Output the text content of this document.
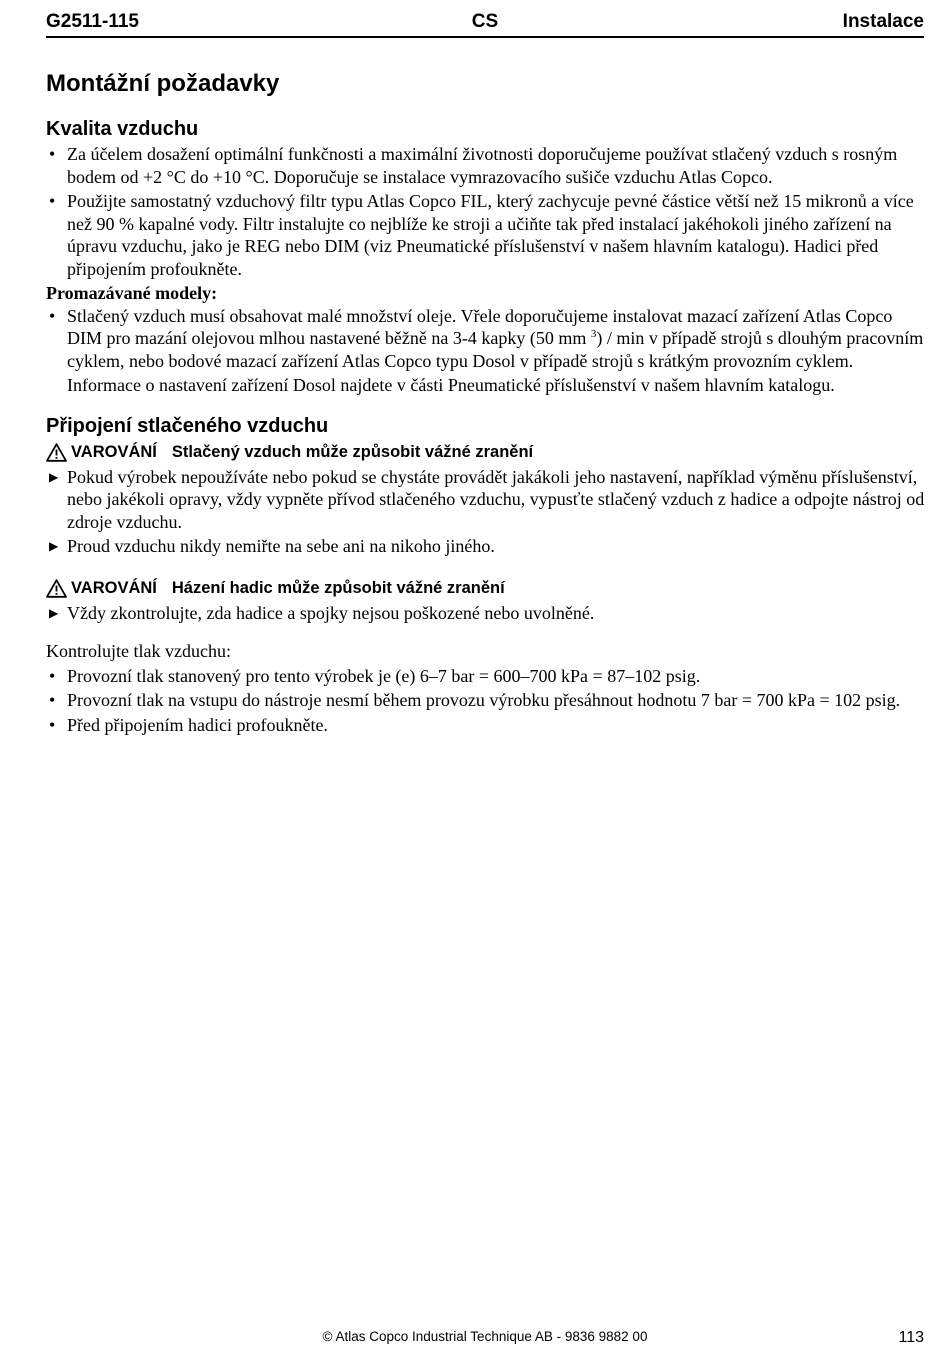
G2511-115	CS	Instalace
Montážní požadavky
Kvalita vzduchu
• Za účelem dosažení optimální funkčnosti a maximální životnosti doporučujeme používat stlačený vzduch s rosným bodem od +2 °C do +10 °C. Doporučuje se instalace vymrazovacího sušiče vzduchu Atlas Copco.
• Použijte samostatný vzduchový filtr typu Atlas Copco FIL, který zachycuje pevné částice větší než 15 mikronů a více než 90 % kapalné vody. Filtr instalujte co nejblíže ke stroji a učiňte tak před instalací jakéhokoli jiného zařízení na úpravu vzduchu, jako je REG nebo DIM (viz Pneumatické příslušenství v našem hlavním katalogu). Hadici před připojením profoukněte.

Promazávané modely:

• Stlačený vzduch musí obsahovat malé množství oleje. Vřele doporučujeme instalovat mazací zařízení Atlas Copco DIM pro mazání olejovou mlhou nastavené běžně na 3-4 kapky (50 mm $^3$) / min v případě strojů s dlouhým pracovním cyklem, nebo bodové mazací zařízení Atlas Copco typu Dosol v případě strojů s krátkým provozním cyklem.

Informace o nastavení zařízení Dosol najdete v části Pneumatické příslušenství v našem hlavním katalogu.

Připojení stlačeného vzduchu
VAROVÁNÍ Stlačený vzduch může způsobit vážné zranění
▶ Pokud výrobek nepoužíváte nebo pokud se chystáte provádět jakákoli jeho nastavení, například výměnu příslušenství, nebo jakékoli opravy, vždy vypněte přívod stlačeného vzduchu, vypusťte stlačený vzduch z hadice a odpojte nástroj od zdroje vzduchu.
▶ Proud vzduchu nikdy nemiřte na sebe ani na nikoho jiného.
VAROVÁNÍ Házení hadic může způsobit vážné zranění
▶ Vždy zkontrolujte, zda hadice a spojky nejsou poškozené nebo uvolněné.

Kontrolujte tlak vzduchu:

• Provozní tlak stanovený pro tento výrobek je (e) 6–7 bar = 600–700 kPa = 87–102 psig.
• Provozní tlak na vstupu do nástroje nesmí během provozu výrobku přesáhnout hodnotu 7 bar = 700 kPa = 102 psig.
• Před připojením hadici profoukněte.
© Atlas Copco Industrial Technique AB - 9836 9882 00	113
